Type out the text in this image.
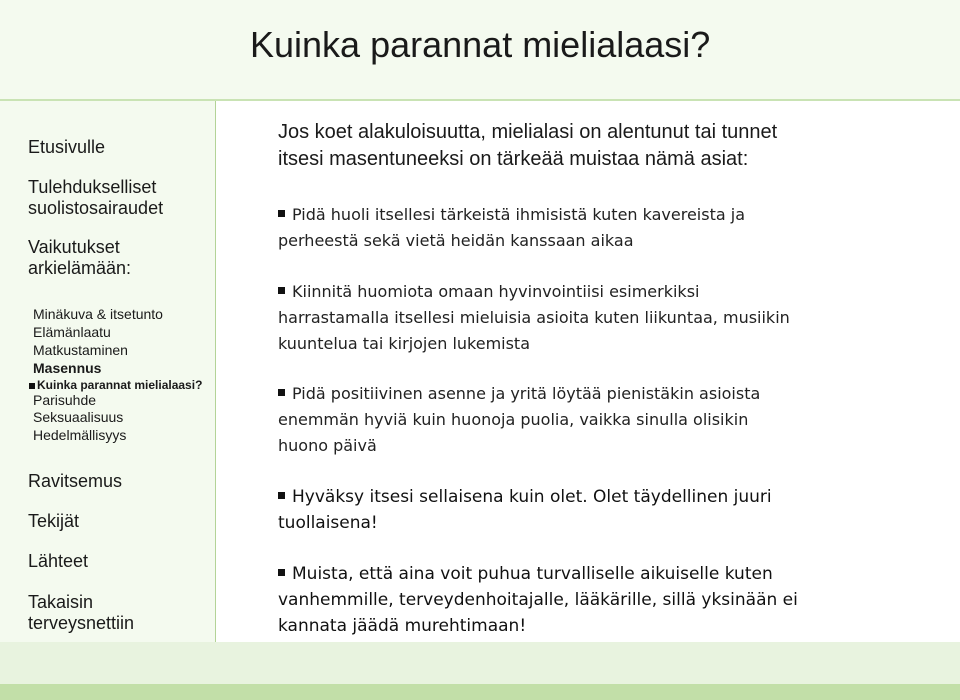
Kuinka parannat mielialaasi?
Etusivulle
Tulehdukselliset
suolistosairaudet
Vaikutukset
arkielämään:
Minäkuva & itsetunto
Elämänlaatu
Matkustaminen
Masennus
Kuinka parannat mielialaasi?
Parisuhde
Seksuaalisuus
Hedelmällisyys
Ravitsemus
Tekijät
Lähteet
Takaisin
terveysnettiin
Jos koet alakuloisuutta, mielialasi on alentunut tai tunnet
itsesi masentuneeksi on tärkeää muistaa nämä asiat:
Pidä huoli itsellesi tärkeistä ihmisistä kuten kavereista ja
perheestä sekä vietä heidän kanssaan aikaa
Kiinnitä huomiota omaan hyvinvointiisi esimerkiksi
harrastamalla itsellesi mieluisia asioita kuten liikuntaa, musiikin
kuuntelua tai kirjojen lukemista
Pidä positiivinen asenne ja yritä löytää pienistäkin asioista
enemmän hyviä kuin huonoja puolia, vaikka sinulla olisikin
huono päivä
Hyväksy itsesi sellaisena kuin olet. Olet täydellinen juuri
tuollaisena!
Muista, että aina voit puhua turvalliselle aikuiselle kuten
vanhemmille, terveydenhoitajalle, lääkärille, sillä yksinään ei
kannata jäädä murehtimaan!
